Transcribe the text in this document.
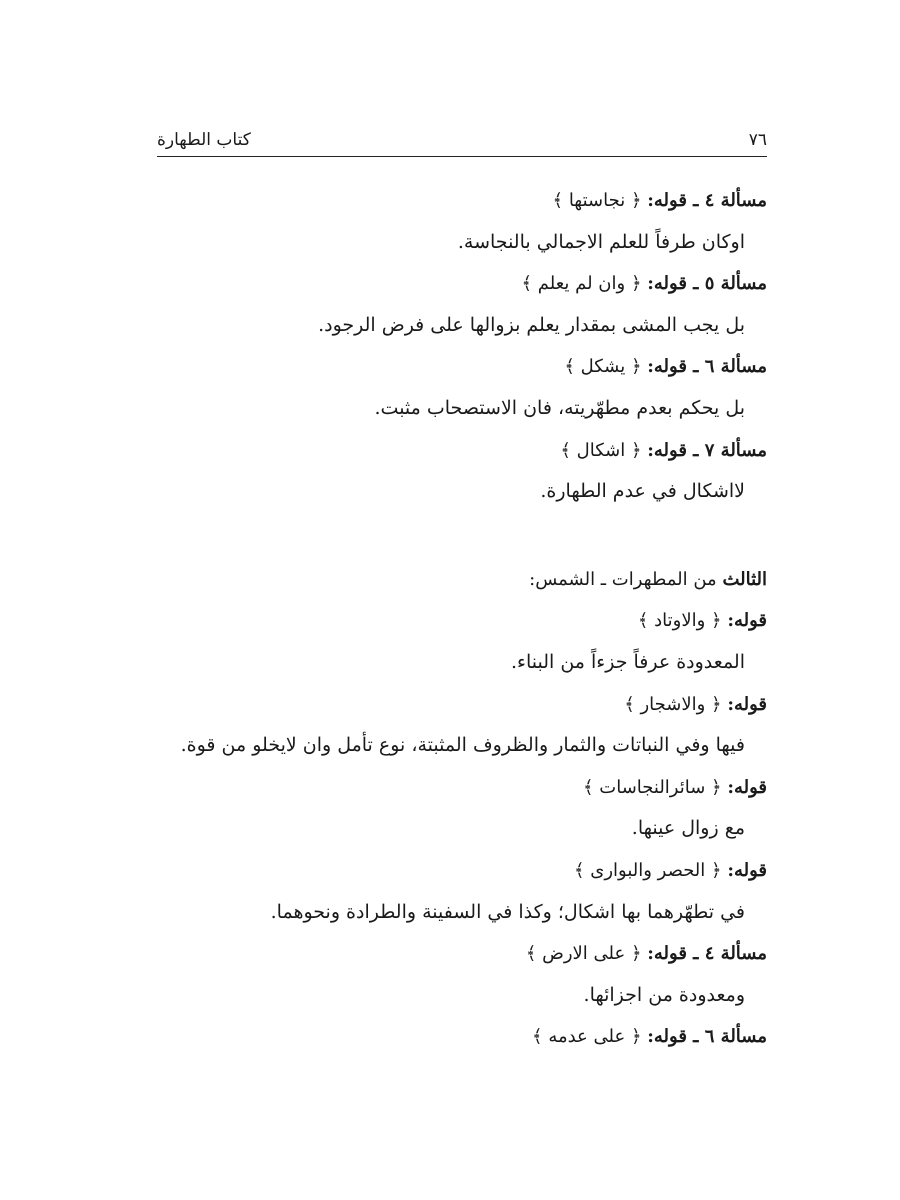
٧٦
كتاب الطهارة
مسألة ٤ ـ قوله: ﴿ نجاستها ﴾
اوكان طرفاً للعلم الاجمالي بالنجاسة.
مسألة ٥ ـ قوله: ﴿ وان لم يعلم ﴾
بل يجب المشى بمقدار يعلم بزوالها على فرض الرجود.
مسألة ٦ ـ قوله: ﴿ يشكل ﴾
بل يحكم بعدم مطهّريته، فان الاستصحاب مثبت.
مسألة ٧ ـ قوله: ﴿ اشكال ﴾
لااشكال في عدم الطهارة.
الثالث من المطهرات ـ الشمس:
قوله: ﴿ والاوتاد ﴾
المعدودة عرفاً جزءاً من البناء.
قوله: ﴿ والاشجار ﴾
فيها وفي النباتات والثمار والظروف المثبتة، نوع تأمل وان لايخلو من قوة.
قوله: ﴿ سائرالنجاسات ﴾
مع زوال عينها.
قوله: ﴿ الحصر والبوارى ﴾
في تطهّرهما بها اشكال؛ وكذا في السفينة والطرادة ونحوهما.
مسألة ٤ ـ قوله: ﴿ على الارض ﴾
ومعدودة من اجزائها.
مسألة ٦ ـ قوله: ﴿ على عدمه ﴾
